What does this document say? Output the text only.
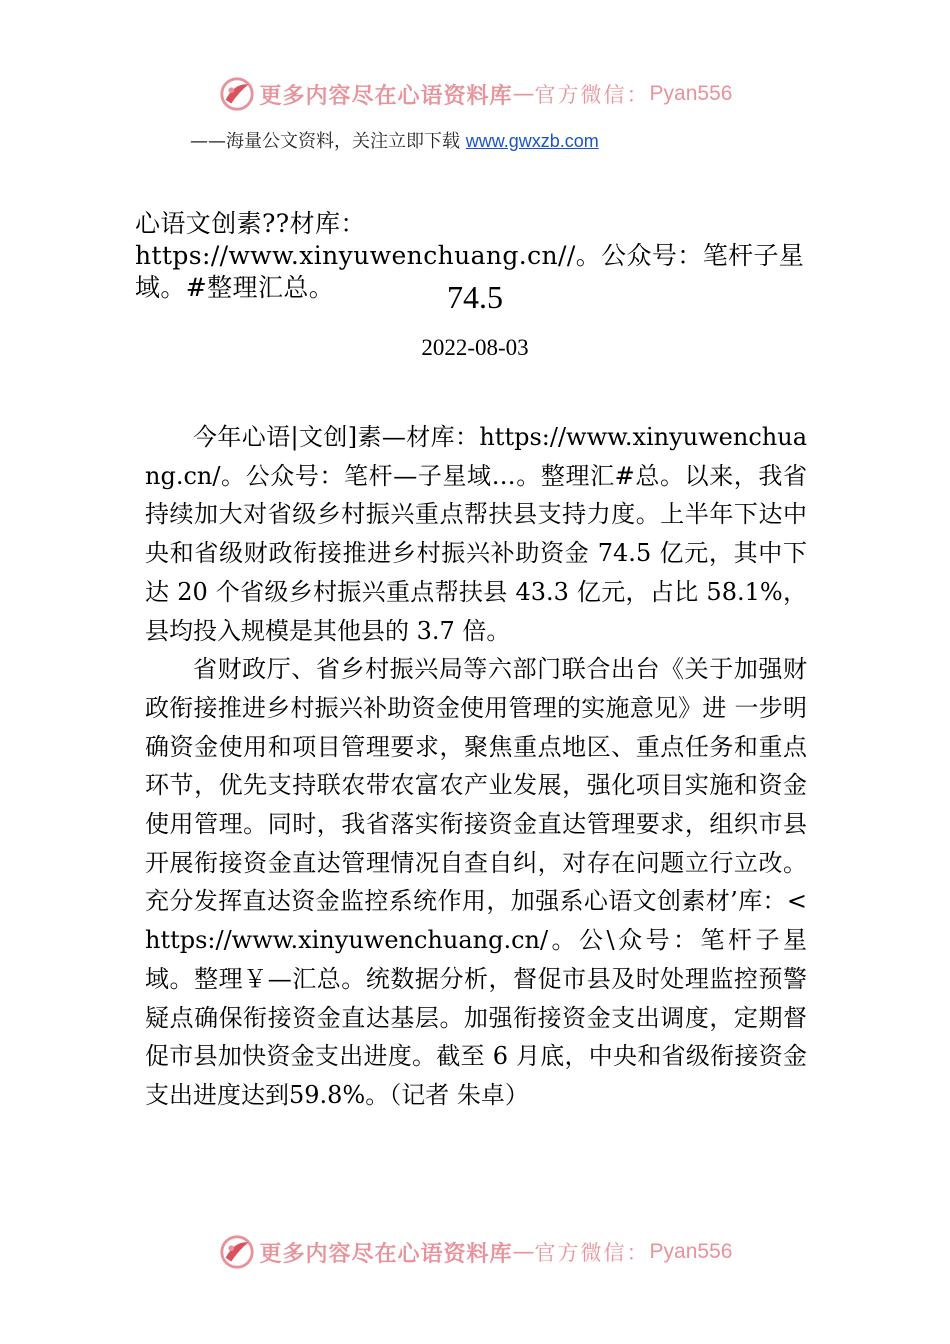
更多内容尽在心语资料库 — 官方微信： Pyan556
——海量公文资料，关注立即下载 www.gwxzb.com
心语文创素??材库：https://www.xinyuwenchuang.cn//。公众号：笔杆子星域。#整理汇总。	74.5
2022-08-03

今年心语|文创]素—材库：https://www.xinyuwenchuang.cn/。公众号：笔杆—子星域…。整理汇#总。以来，我省持续加大对省级乡村振兴重点帮扶县支持力度。上半年下达中央和省级财政衔接推进乡村振兴补助资金 74.5 亿元，其中下达 20 个省级乡村振兴重点帮扶县 43.3 亿元，占比 58.1%，县均投入规模是其他县的 3.7 倍。

省财政厅、省乡村振兴局等六部门联合出台《关于加强财政衔接推进乡村振兴补助资金使用管理的实施意见》进 一步明确资金使用和项目管理要求，聚焦重点地区、重点任务和重点环节，优先支持联农带农富农产业发展，强化项目实施和资金使用管理。同时，我省落实衔接资金直达管理要求，组织市县开展衔接资金直达管理情况自查自纠，对存在问题立行立改。充分发挥直达资金监控系统作用，加强系心语文创素材’库：<https://www.xinyuwenchuang.cn/。公\众号：笔杆子星域。整理￥—汇总。统数据分析，督促市县及时处理监控预警疑点确保衔接资金直达基层。加强衔接资金支出调度，定期督促市县加快资金支出进度。截至 6 月底，中央和省级衔接资金支出进度达到59.8%。（记者 朱卓）

更多内容尽在心语资料库 — 官方微信： Pyan556
